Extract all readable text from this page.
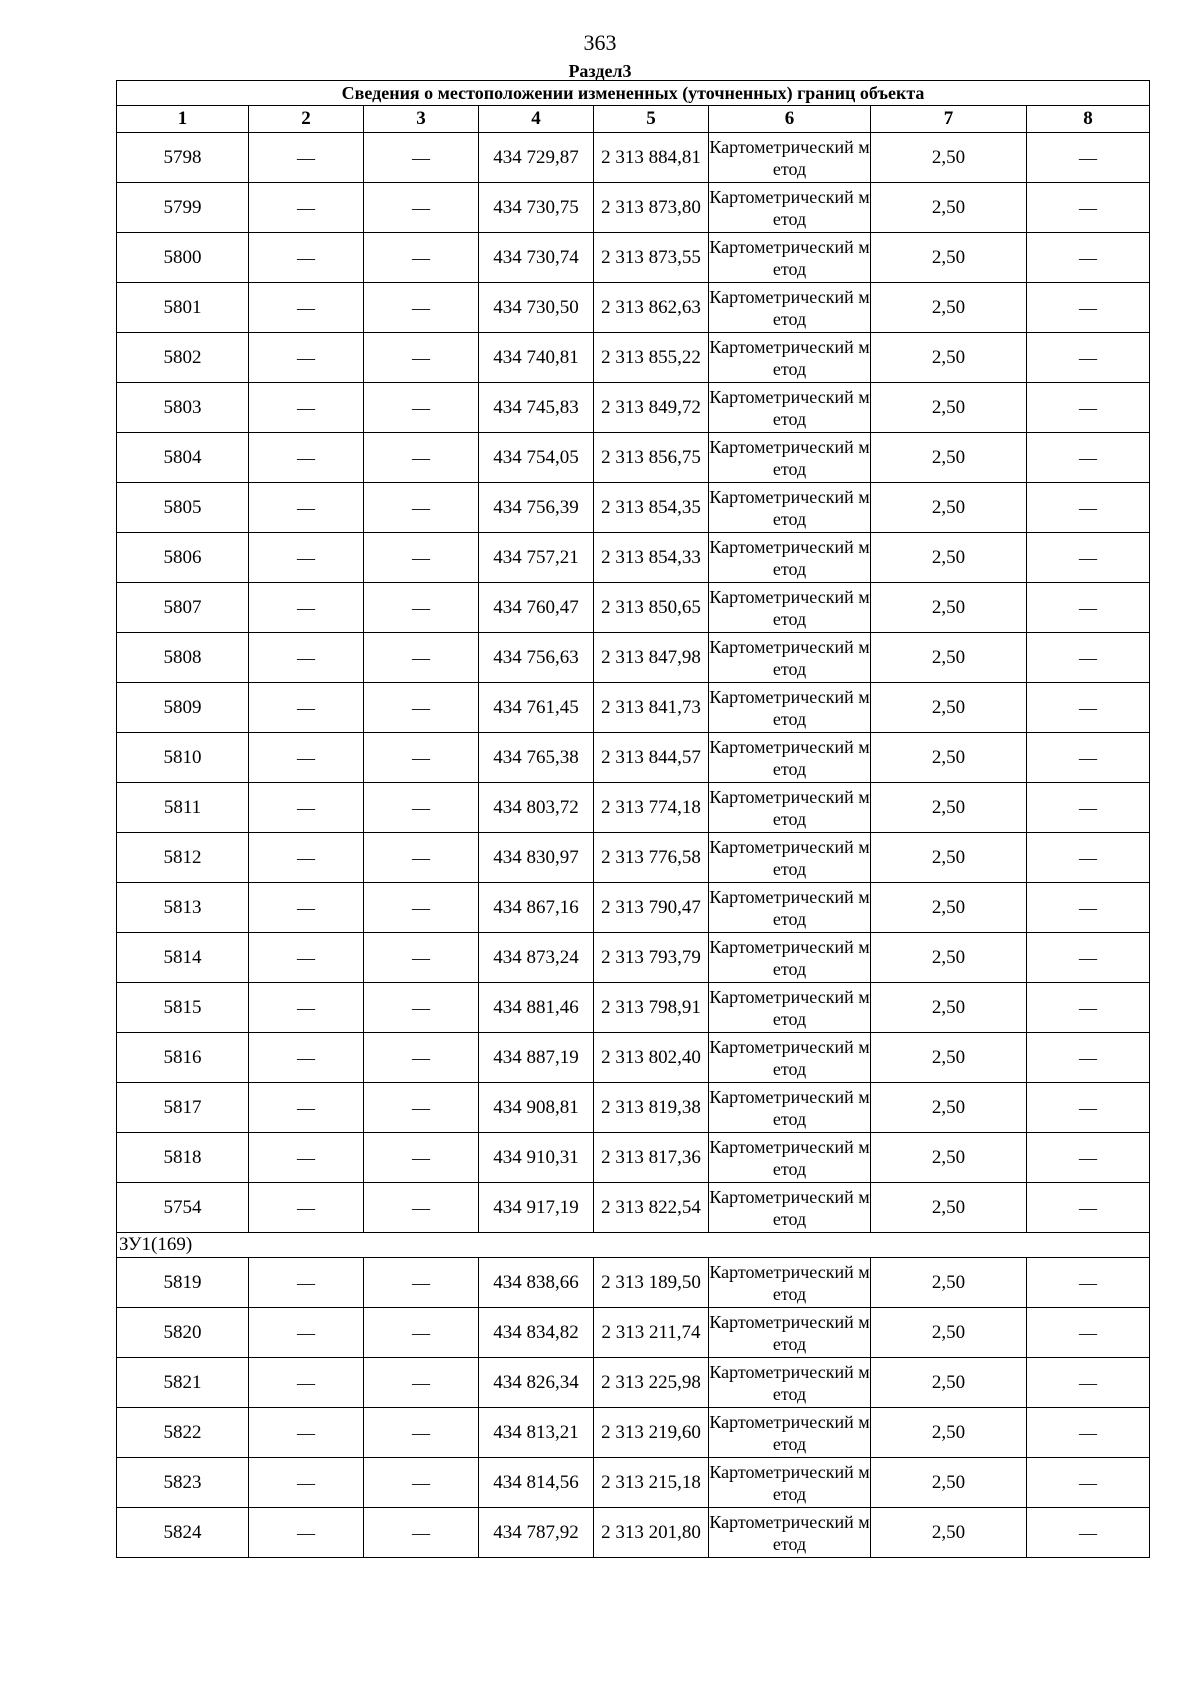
363
Раздел3
Сведения о местоположении измененных (уточненных) границ объекта							
1	2	3	4	5	6	7	8
5798	—	—	434 729,87	2 313 884,81	Картометрический метод	2,50	—
5799	—	—	434 730,75	2 313 873,80	Картометрический метод	2,50	—
5800	—	—	434 730,74	2 313 873,55	Картометрический метод	2,50	—
5801	—	—	434 730,50	2 313 862,63	Картометрический метод	2,50	—
5802	—	—	434 740,81	2 313 855,22	Картометрический метод	2,50	—
5803	—	—	434 745,83	2 313 849,72	Картометрический метод	2,50	—
5804	—	—	434 754,05	2 313 856,75	Картометрический метод	2,50	—
5805	—	—	434 756,39	2 313 854,35	Картометрический метод	2,50	—
5806	—	—	434 757,21	2 313 854,33	Картометрический метод	2,50	—
5807	—	—	434 760,47	2 313 850,65	Картометрический метод	2,50	—
5808	—	—	434 756,63	2 313 847,98	Картометрический метод	2,50	—
5809	—	—	434 761,45	2 313 841,73	Картометрический метод	2,50	—
5810	—	—	434 765,38	2 313 844,57	Картометрический метод	2,50	—
5811	—	—	434 803,72	2 313 774,18	Картометрический метод	2,50	—
5812	—	—	434 830,97	2 313 776,58	Картометрический метод	2,50	—
5813	—	—	434 867,16	2 313 790,47	Картометрический метод	2,50	—
5814	—	—	434 873,24	2 313 793,79	Картометрический метод	2,50	—
5815	—	—	434 881,46	2 313 798,91	Картометрический метод	2,50	—
5816	—	—	434 887,19	2 313 802,40	Картометрический метод	2,50	—
5817	—	—	434 908,81	2 313 819,38	Картометрический метод	2,50	—
5818	—	—	434 910,31	2 313 817,36	Картометрический метод	2,50	—
5754	—	—	434 917,19	2 313 822,54	Картометрический метод	2,50	—
ЗУ1(169)							
5819	—	—	434 838,66	2 313 189,50	Картометрический метод	2,50	—
5820	—	—	434 834,82	2 313 211,74	Картометрический метод	2,50	—
5821	—	—	434 826,34	2 313 225,98	Картометрический метод	2,50	—
5822	—	—	434 813,21	2 313 219,60	Картометрический метод	2,50	—
5823	—	—	434 814,56	2 313 215,18	Картометрический метод	2,50	—
5824	—	—	434 787,92	2 313 201,80	Картометрический метод	2,50	—
